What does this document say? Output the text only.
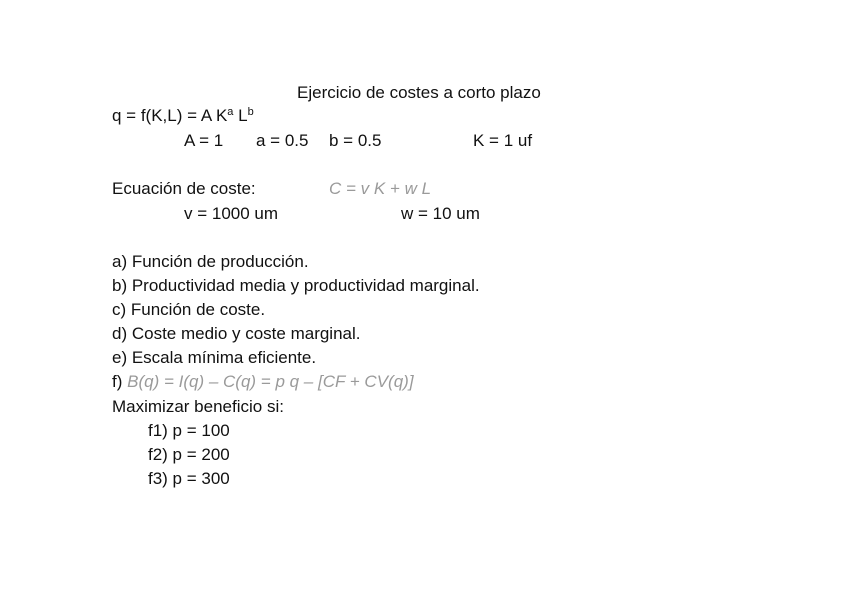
Ejercicio de costes a corto plazo
q = f(K,L) = A $K^a$ $L^b$
A = 1 a = 0.5 b = 0.5	K = 1 uf
Ecuación de coste:	C = v K + w L
v = 1000 um	w = 10 um
a) Función de producción.
b) Productividad media y productividad marginal.
c) Función de coste.
d) Coste medio y coste marginal.
e) Escala mínima eficiente.
f) B(q) = I(q) – C(q) = p q – [CF + CV(q)]
Maximizar beneficio si:
f1) p = 100
f2) p = 200
f3) p = 300
